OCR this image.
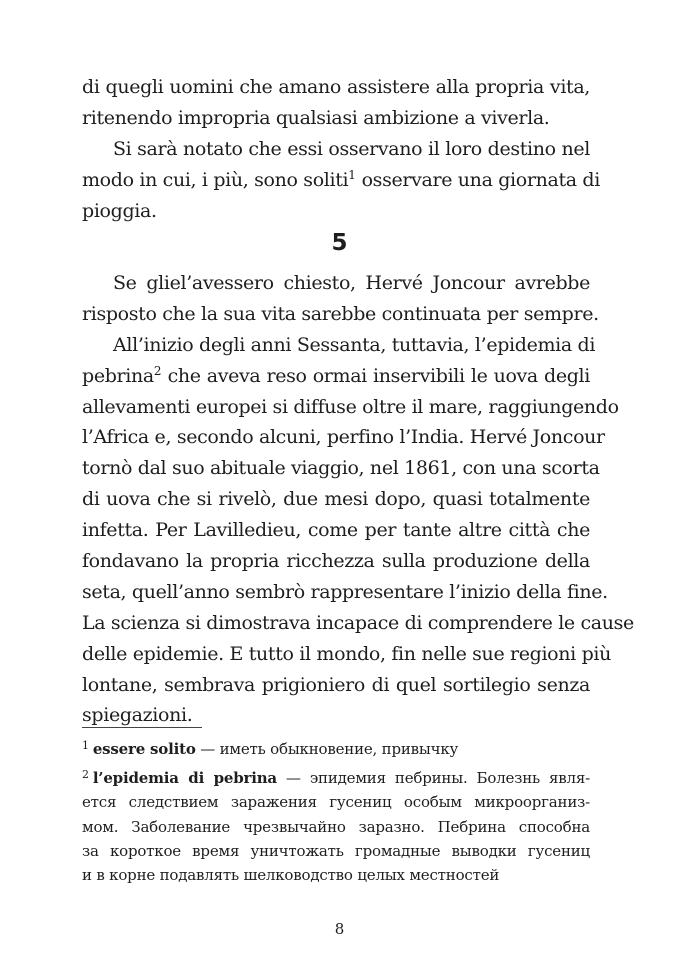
di quegli uomini che amano assistere alla propria vita,
ritenendo impropria qualsiasi ambizione a viverla.
Si sarà notato che essi osservano il loro destino nel
modo in cui, i più, sono soliti$^1$ osservare una giornata di
pioggia.
5
Se gliel’avessero chiesto, Hervé Joncour avrebbe
risposto che la sua vita sarebbe continuata per sempre.
All’inizio degli anni Sessanta, tuttavia, l’epidemia di
pebrina$^2$ che aveva reso ormai inservibili le uova degli
allevamenti europei si diffuse oltre il mare, raggiungendo
l’Africa e, secondo alcuni, perfino l’India. Hervé Joncour
tornò dal suo abituale viaggio, nel 1861, con una scorta
di uova che si rivelò, due mesi dopo, quasi totalmente
infetta. Per Lavilledieu, come per tante altre città che
fondavano la propria ricchezza sulla produzione della
seta, quell’anno sembrò rappresentare l’inizio della fine.
La scienza si dimostrava incapace di comprendere le cause
delle epidemie. E tutto il mondo, fin nelle sue regioni più
lontane, sembrava prigioniero di quel sortilegio senza
spiegazioni.
$^1$ essere solito — иметь обыкновение, привычку
$^2$ l’epidemia di pebrina — эпидемия пебрины. Болезнь явля-
ется следствием заражения гусениц особым микроорганиз-
мом. Заболевание чрезвычайно заразно. Пебрина способна
за короткое время уничтожать громадные выводки гусениц
и в корне подавлять шелководство целых местностей
8
